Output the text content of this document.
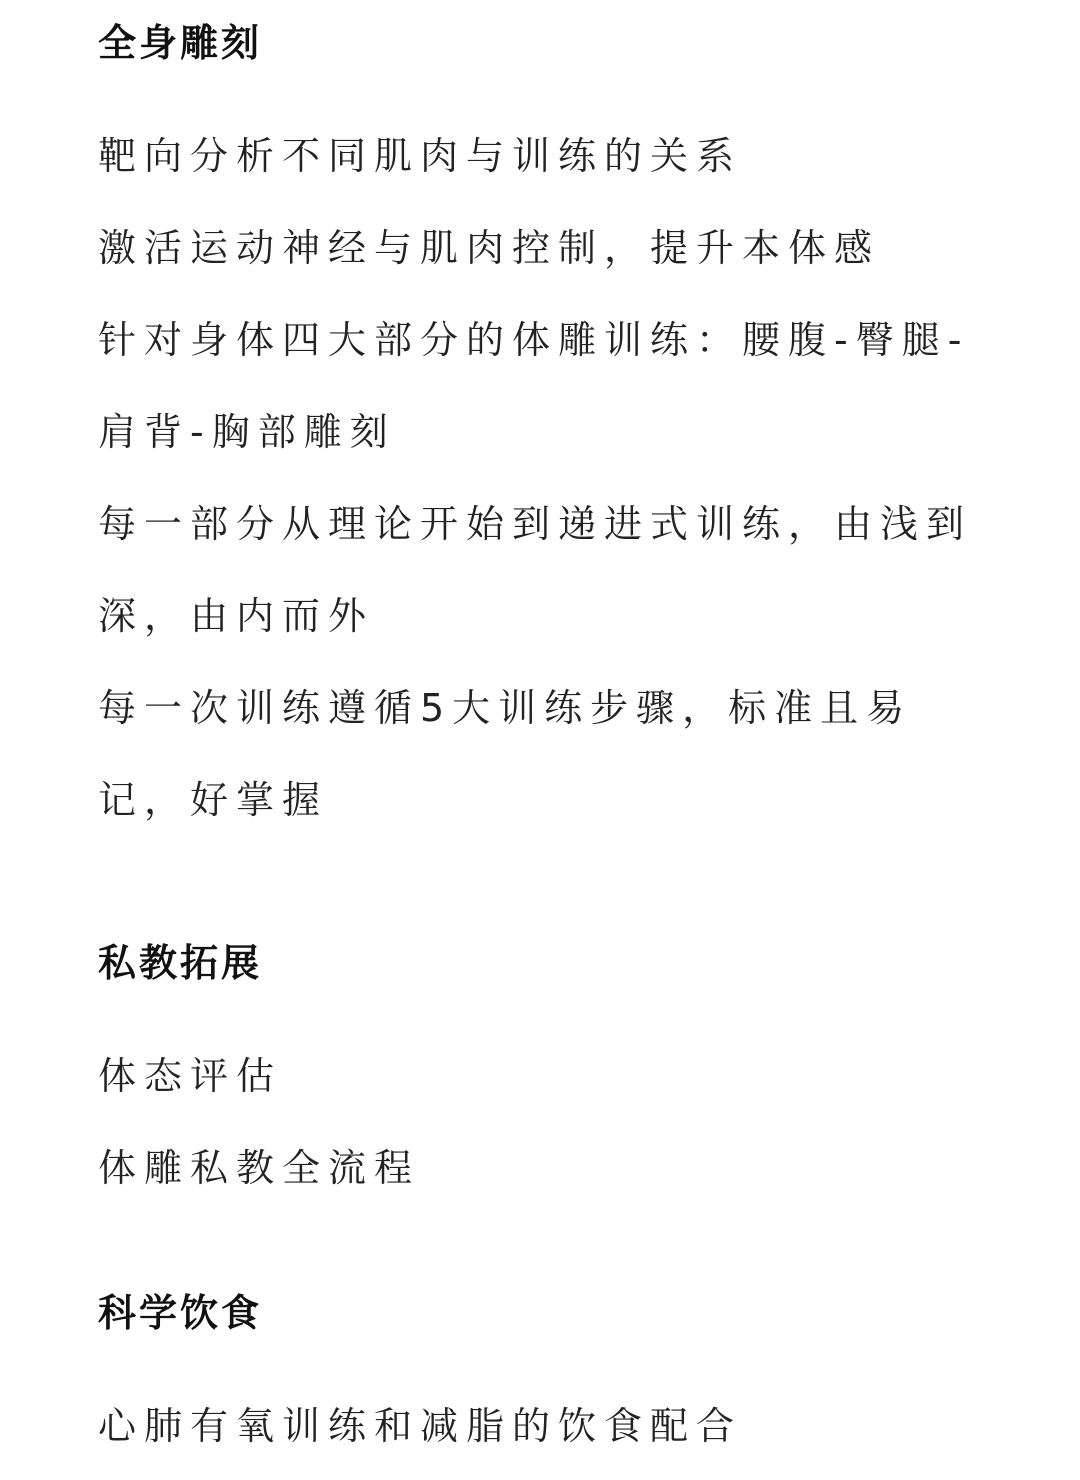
全身雕刻

靶向分析不同肌肉与训练的关系

激活运动神经与肌肉控制，提升本体感

针对身体四大部分的体雕训练：腰腹-臀腿-肩背-胸部雕刻

每一部分从理论开始到递进式训练，由浅到深，由内而外

每一次训练遵循5大训练步骤，标准且易记，好掌握

私教拓展

体态评估

体雕私教全流程

科学饮食

心肺有氧训练和减脂的饮食配合
